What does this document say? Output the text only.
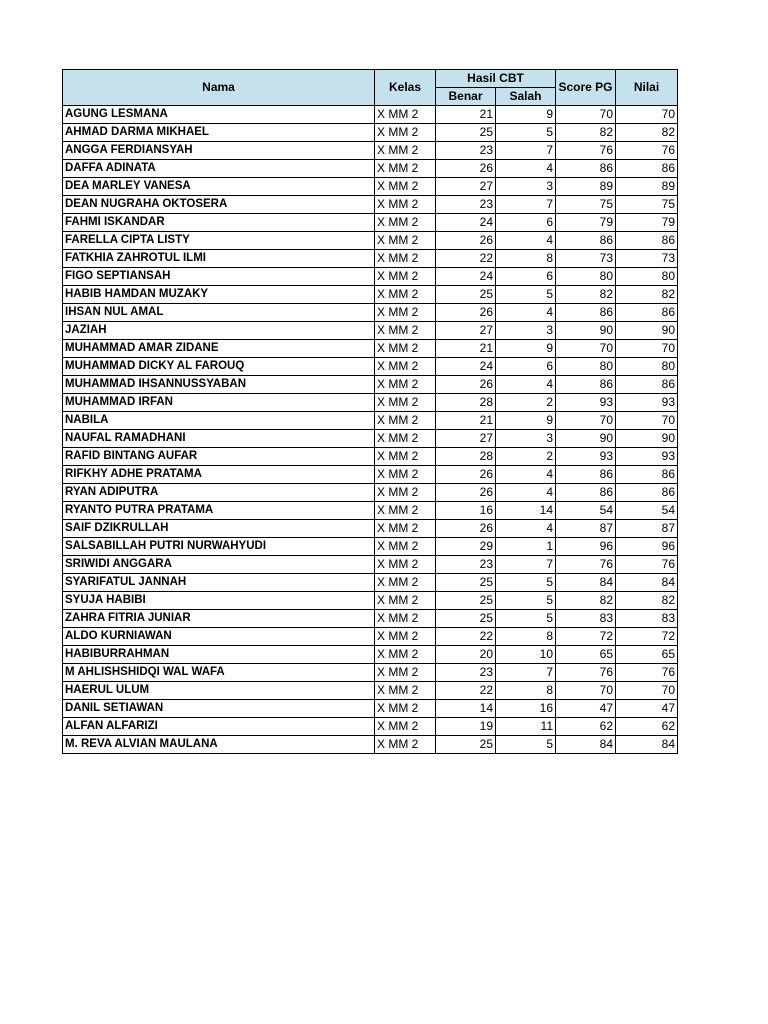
Nama	Kelas	Hasil CBT		Score PG	Nilai
		Benar	Salah		
AGUNG LESMANA	X MM 2	21	9	70	70
AHMAD DARMA MIKHAEL	X MM 2	25	5	82	82
ANGGA FERDIANSYAH	X MM 2	23	7	76	76
DAFFA ADINATA	X MM 2	26	4	86	86
DEA MARLEY VANESA	X MM 2	27	3	89	89
DEAN NUGRAHA OKTOSERA	X MM 2	23	7	75	75
FAHMI ISKANDAR	X MM 2	24	6	79	79
FARELLA CIPTA LISTY	X MM 2	26	4	86	86
FATKHIA ZAHROTUL ILMI	X MM 2	22	8	73	73
FIGO SEPTIANSAH	X MM 2	24	6	80	80
HABIB HAMDAN MUZAKY	X MM 2	25	5	82	82
IHSAN NUL AMAL	X MM 2	26	4	86	86
JAZIAH	X MM 2	27	3	90	90
MUHAMMAD AMAR ZIDANE	X MM 2	21	9	70	70
MUHAMMAD DICKY AL FAROUQ	X MM 2	24	6	80	80
MUHAMMAD IHSANNUSSYABAN	X MM 2	26	4	86	86
MUHAMMAD IRFAN	X MM 2	28	2	93	93
NABILA	X MM 2	21	9	70	70
NAUFAL RAMADHANI	X MM 2	27	3	90	90
RAFID BINTANG AUFAR	X MM 2	28	2	93	93
RIFKHY ADHE PRATAMA	X MM 2	26	4	86	86
RYAN ADIPUTRA	X MM 2	26	4	86	86
RYANTO PUTRA PRATAMA	X MM 2	16	14	54	54
SAIF DZIKRULLAH	X MM 2	26	4	87	87
SALSABILLAH PUTRI NURWAHYUDI	X MM 2	29	1	96	96
SRIWIDI ANGGARA	X MM 2	23	7	76	76
SYARIFATUL JANNAH	X MM 2	25	5	84	84
SYUJA HABIBI	X MM 2	25	5	82	82
ZAHRA FITRIA JUNIAR	X MM 2	25	5	83	83
ALDO KURNIAWAN	X MM 2	22	8	72	72
HABIBURRAHMAN	X MM 2	20	10	65	65
M AHLISHSHIDQI WAL WAFA	X MM 2	23	7	76	76
HAERUL ULUM	X MM 2	22	8	70	70
DANIL SETIAWAN	X MM 2	14	16	47	47
ALFAN ALFARIZI	X MM 2	19	11	62	62
M. REVA ALVIAN MAULANA	X MM 2	25	5	84	84
